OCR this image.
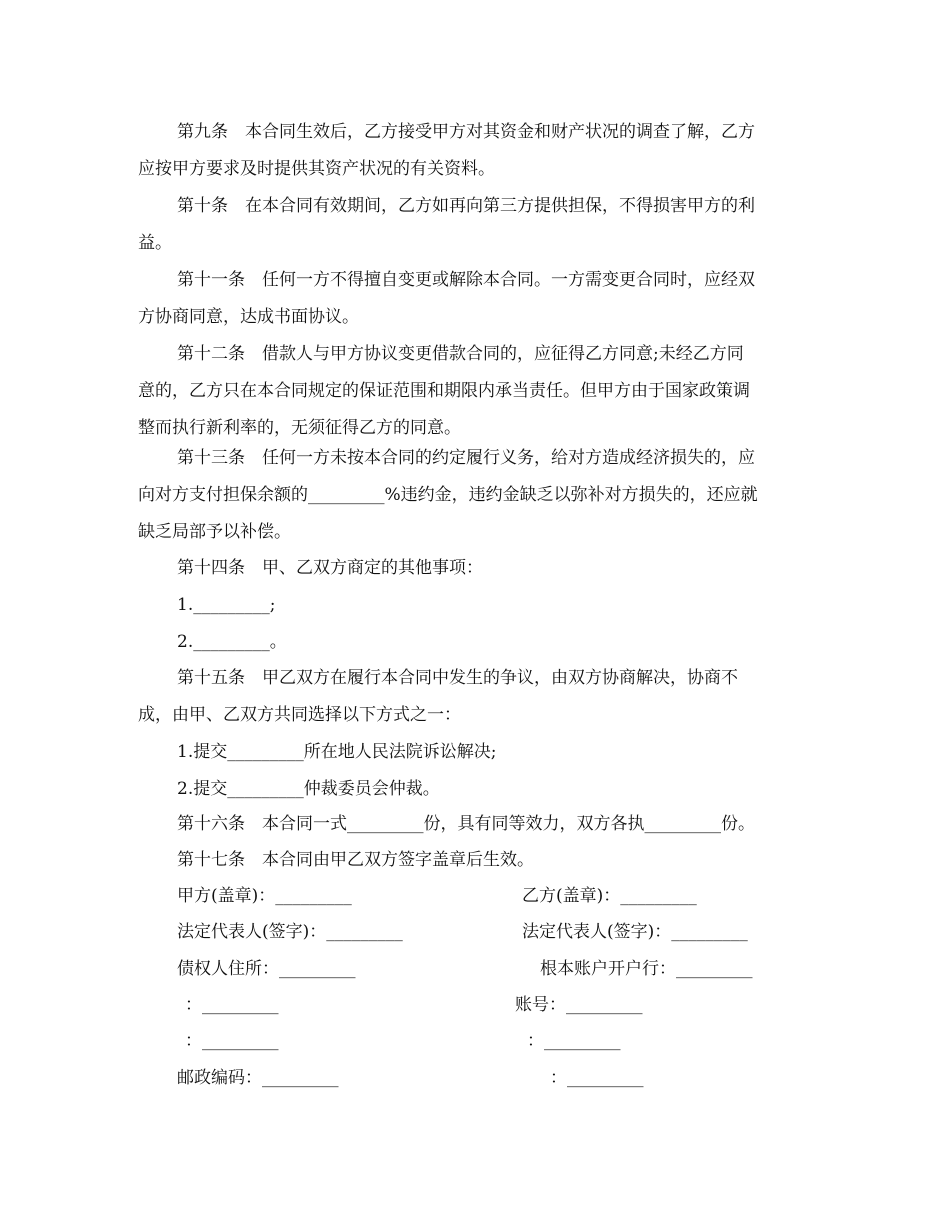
第九条　本合同生效后，乙方接受甲方对其资金和财产状况的调查了解，乙方
应按甲方要求及时提供其资产状况的有关资料。
第十条　在本合同有效期间，乙方如再向第三方提供担保，不得损害甲方的利
益。
第十一条　任何一方不得擅自变更或解除本合同。一方需变更合同时，应经双
方协商同意，达成书面协议。
第十二条　借款人与甲方协议变更借款合同的，应征得乙方同意;未经乙方同
意的，乙方只在本合同规定的保证范围和期限内承当责任。但甲方由于国家政策调
整而执行新利率的，无须征得乙方的同意。
第十三条　任何一方未按本合同的约定履行义务，给对方造成经济损失的，应
向对方支付担保余额的_________%违约金，违约金缺乏以弥补对方损失的，还应就
缺乏局部予以补偿。
第十四条　甲、乙双方商定的其他事项：
1._________;
2._________。
第十五条　甲乙双方在履行本合同中发生的争议，由双方协商解决，协商不
成，由甲、乙双方共同选择以下方式之一：
1.提交_________所在地人民法院诉讼解决;
2.提交_________仲裁委员会仲裁。
第十六条　本合同一式_________份，具有同等效力，双方各执_________份。
第十七条　本合同由甲乙双方签字盖章后生效。
甲方(盖章)：_________	乙方(盖章)：_________
法定代表人(签字)：_________	法定代表人(签字)：_________
债权人住所：_________	根本账户开户行：_________
：_________	账号：_________
：_________	：_________
邮政编码：_________	：_________
